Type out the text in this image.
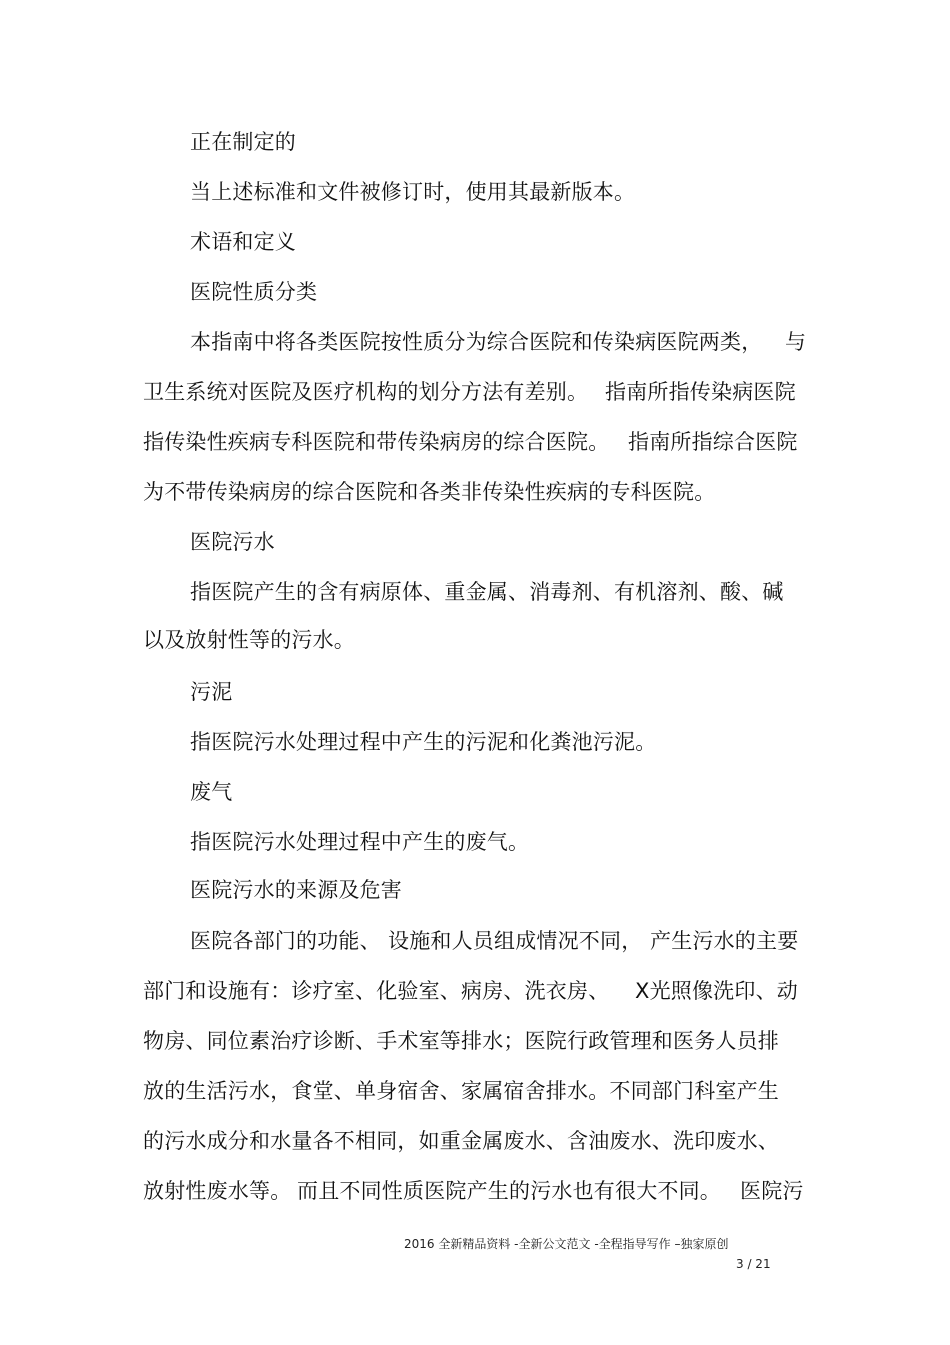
正在制定的
当上述标准和文件被修订时，使用其最新版本。
术语和定义
医院性质分类
本指南中将各类医院按性质分为综合医院和传染病医院两类， 与
卫生系统对医院及医疗机构的划分方法有差别。 指南所指传染病医院
指传染性疾病专科医院和带传染病房的综合医院。 指南所指综合医院
为不带传染病房的综合医院和各类非传染性疾病的专科医院。
医院污水
指医院产生的含有病原体、重金属、消毒剂、有机溶剂、酸、碱
以及放射性等的污水。
污泥
指医院污水处理过程中产生的污泥和化粪池污泥。
废气
指医院污水处理过程中产生的废气。
医院污水的来源及危害
医院各部门的功能、 设施和人员组成情况不同， 产生污水的主要
部门和设施有：诊疗室、化验室、病房、洗衣房、 X光照像洗印、动
物房、同位素治疗诊断、手术室等排水；医院行政管理和医务人员排
放的生活污水，食堂、单身宿舍、家属宿舍排水。不同部门科室产生
的污水成分和水量各不相同，如重金属废水、含油废水、洗印废水、
放射性废水等。 而且不同性质医院产生的污水也有很大不同。 医院污
2016 全新精品资料 -全新公文范文 -全程指导写作 –独家原创
3 / 21
